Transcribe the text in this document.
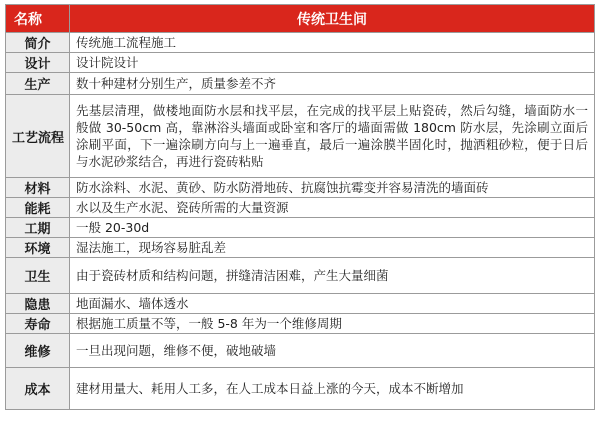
名称	传统卫生间
简介	传统施工流程施工
设计	设计院设计
生产	数十种建材分别生产，质量参差不齐
工艺流程	先基层清理，做楼地面防水层和找平层，在完成的找平层上贴瓷砖，然后勾缝，墙面防水一般做 30-50cm 高，靠淋浴头墙面或卧室和客厅的墙面需做 180cm 防水层，先涂刷立面后涂刷平面，下一遍涂刷方向与上一遍垂直，最后一遍涂膜半固化时，抛洒粗砂粒，便于日后与水泥砂浆结合，再进行瓷砖粘贴
材料	防水涂料、水泥、黄砂、防水防滑地砖、抗腐蚀抗霉变并容易清洗的墙面砖
能耗	水以及生产水泥、瓷砖所需的大量资源
工期	一般 20-30d
环境	湿法施工，现场容易脏乱差
卫生	由于瓷砖材质和结构问题，拼缝清洁困难，产生大量细菌
隐患	地面漏水、墙体透水
寿命	根据施工质量不等，一般 5-8 年为一个维修周期
维修	一旦出现问题，维修不便，破地破墙
成本	建材用量大、耗用人工多，在人工成本日益上涨的今天，成本不断增加
